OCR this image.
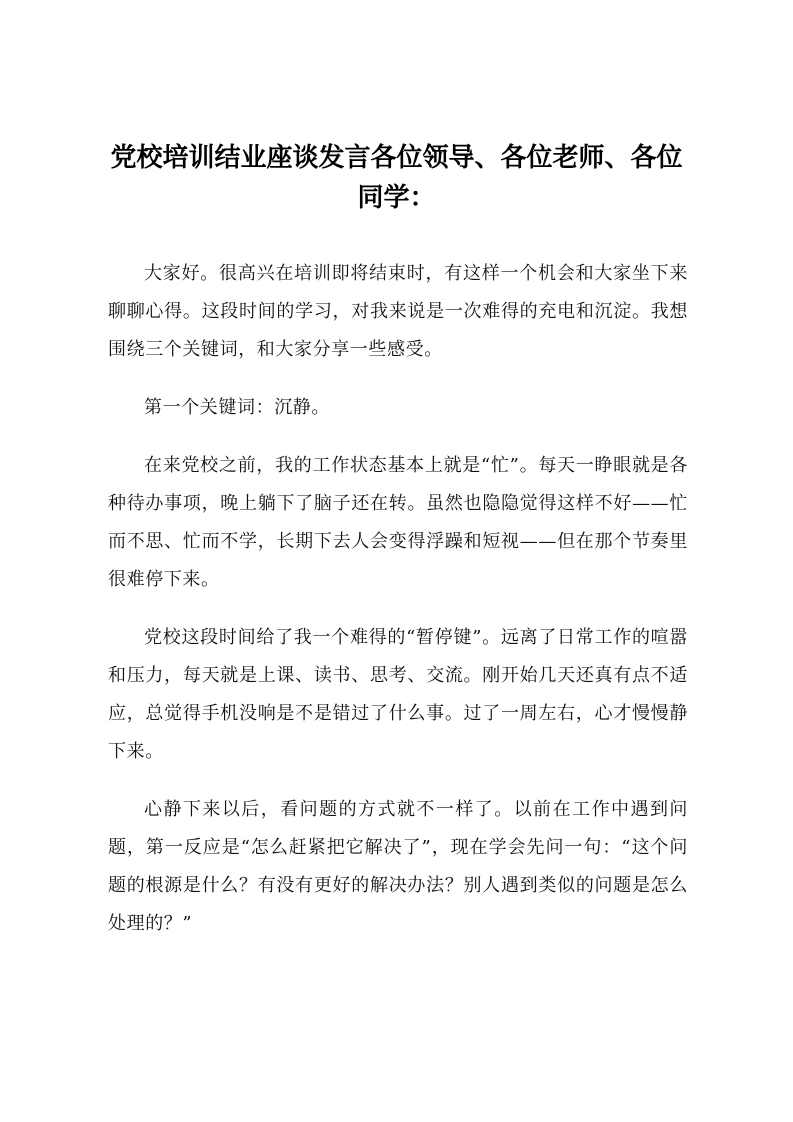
党校培训结业座谈发言各位领导、各位老师、各位同学：

大家好。很高兴在培训即将结束时，有这样一个机会和大家坐下来聊聊心得。这段时间的学习，对我来说是一次难得的充电和沉淀。我想围绕三个关键词，和大家分享一些感受。

第一个关键词：沉静。

在来党校之前，我的工作状态基本上就是“忙”。每天一睁眼就是各种待办事项，晚上躺下了脑子还在转。虽然也隐隐觉得这样不好——忙而不思、忙而不学，长期下去人会变得浮躁和短视——但在那个节奏里很难停下来。

党校这段时间给了我一个难得的“暂停键”。远离了日常工作的喧嚣和压力，每天就是上课、读书、思考、交流。刚开始几天还真有点不适应，总觉得手机没响是不是错过了什么事。过了一周左右，心才慢慢静下来。

心静下来以后，看问题的方式就不一样了。以前在工作中遇到问题，第一反应是“怎么赶紧把它解决了”，现在学会先问一句：“这个问题的根源是什么？有没有更好的解决办法？别人遇到类似的问题是怎么处理的？”
